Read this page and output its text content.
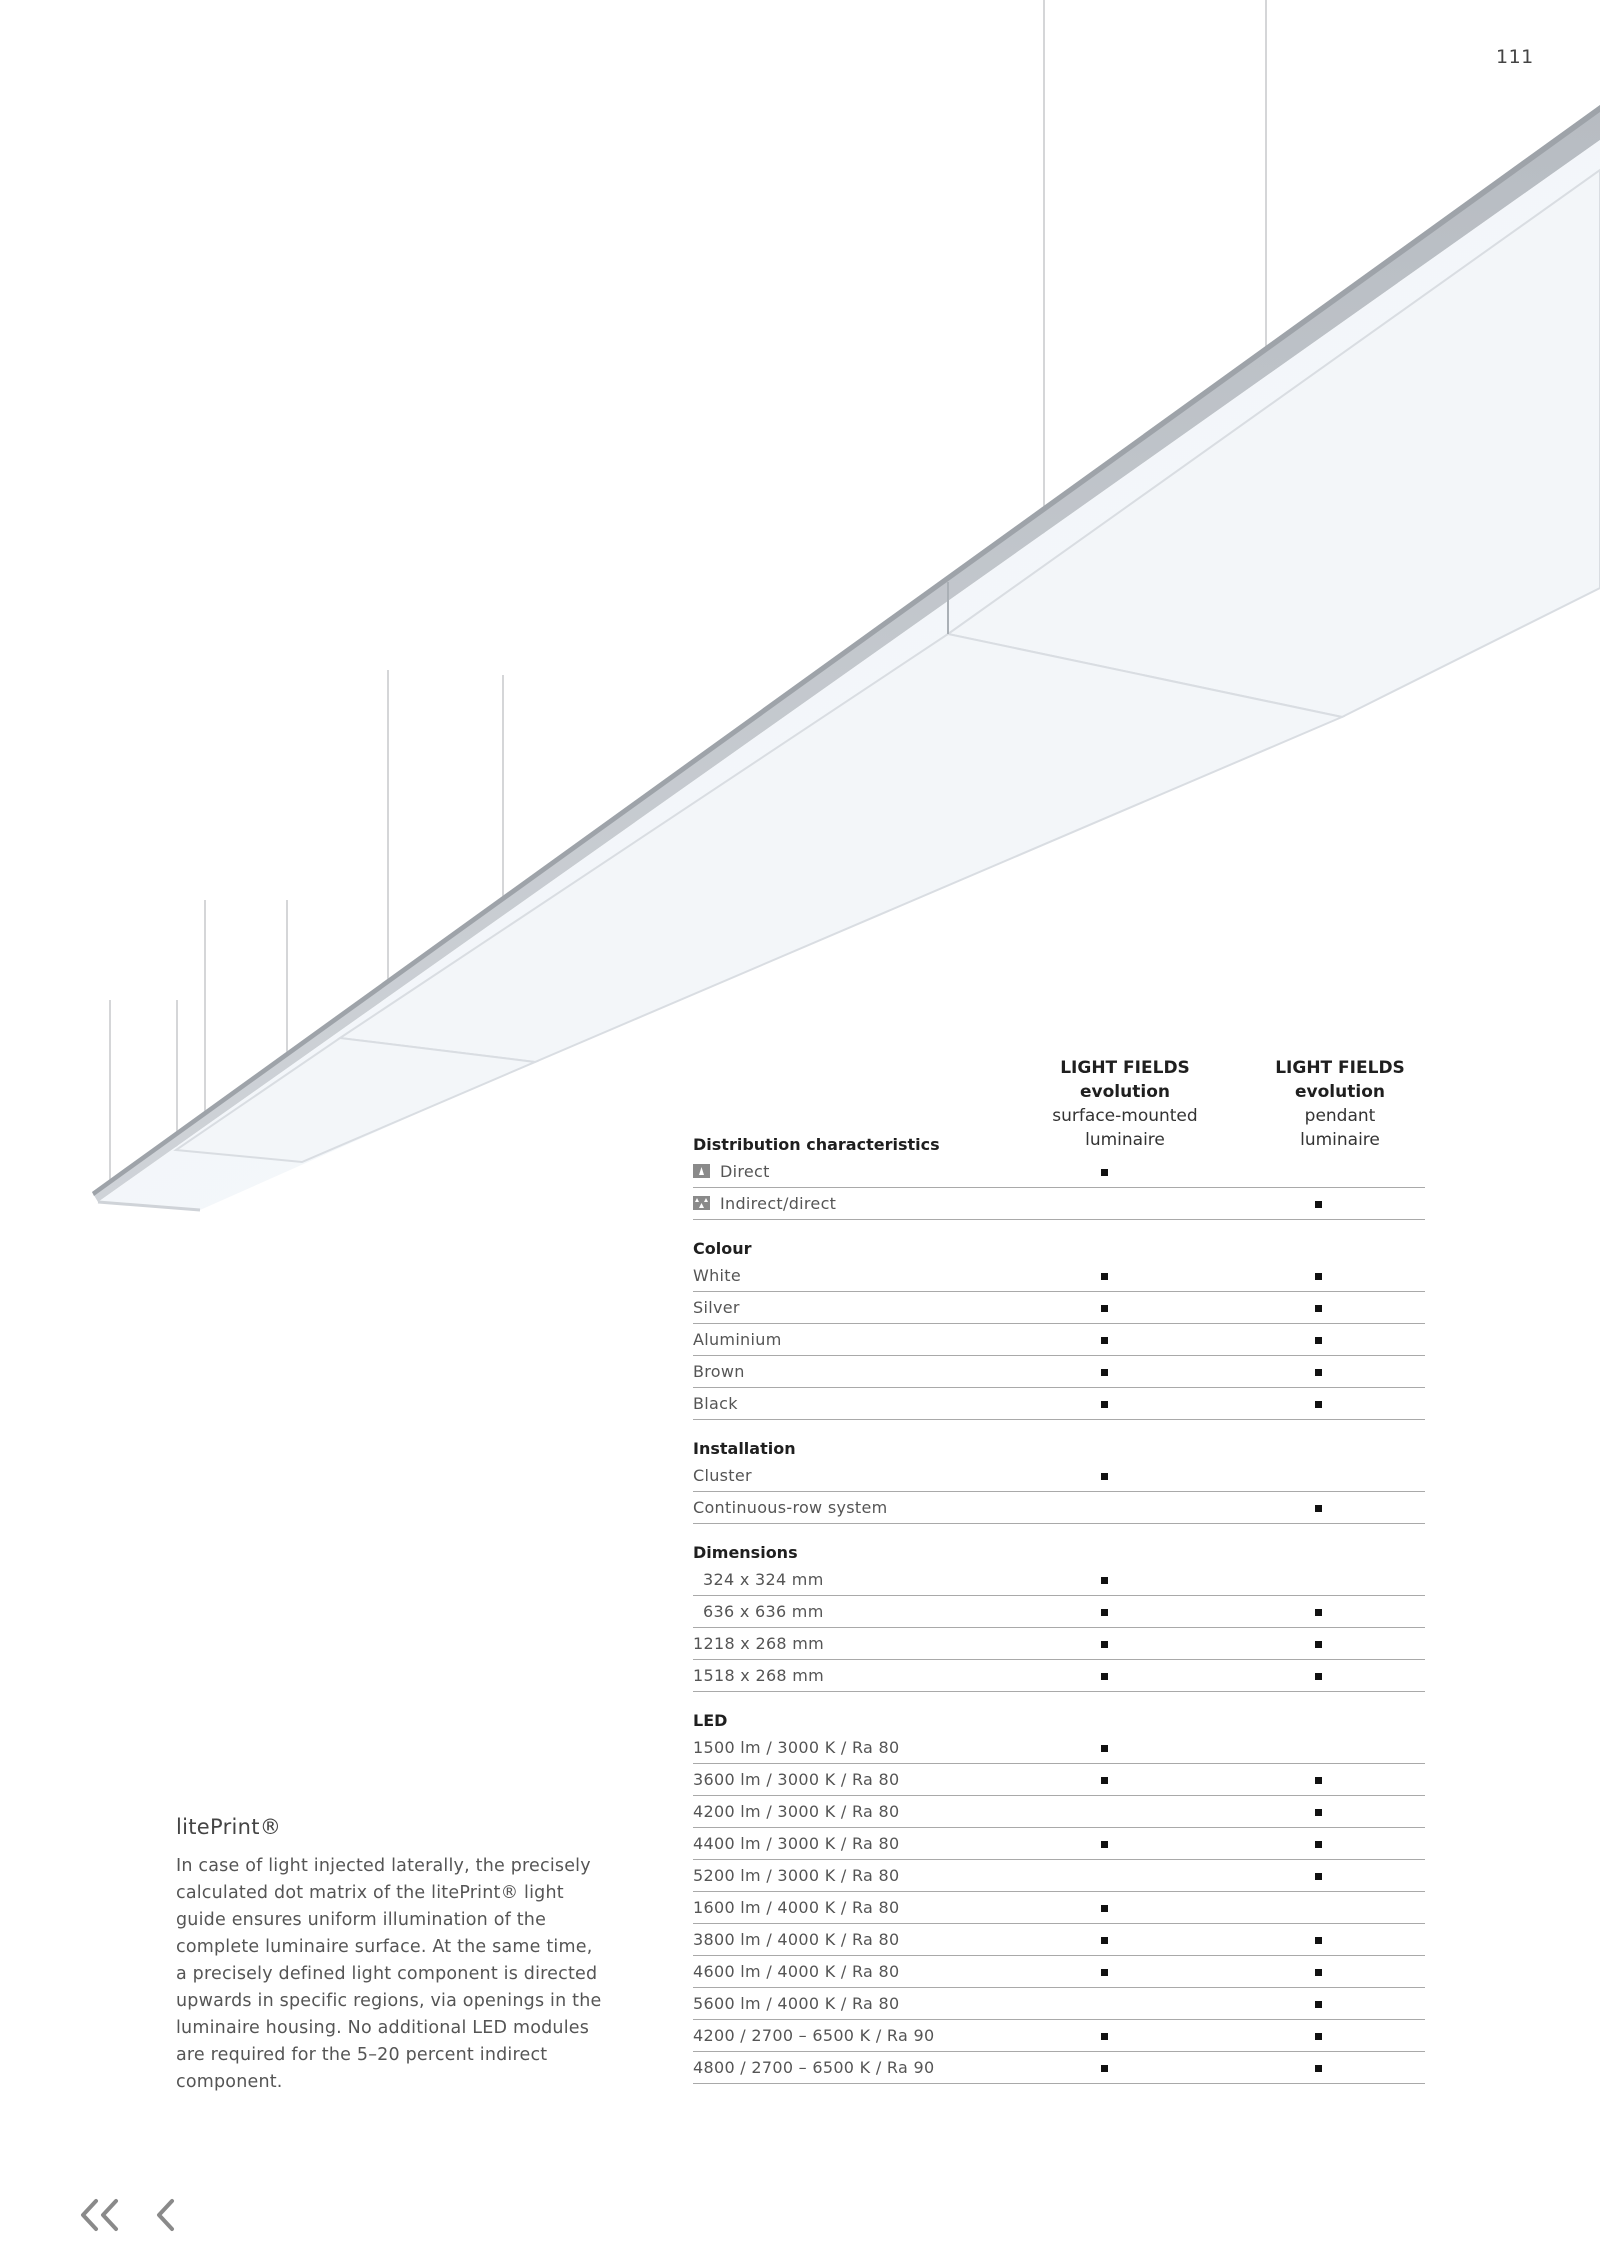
111
LIGHT FIELDS evolution
surface-mounted
luminaire
LIGHT FIELDS evolution
pendant
luminaire
Distribution characteristics
Direct
Indirect/direct
Colour
White
Silver
Aluminium
Brown
Black
Installation
Cluster
Continuous-row system
Dimensions
324 x 324 mm
636 x 636 mm
1218 x 268 mm
1518 x 268 mm
LED
1500 lm / 3000 K / Ra 80
3600 lm / 3000 K / Ra 80
4200 lm / 3000 K / Ra 80
4400 lm / 3000 K / Ra 80
5200 lm / 3000 K / Ra 80
1600 lm / 4000 K / Ra 80
3800 lm / 4000 K / Ra 80
4600 lm / 4000 K / Ra 80
5600 lm / 4000 K / Ra 80
4200 / 2700 – 6500 K / Ra 90
4800 / 2700 – 6500 K / Ra 90
litePrint®
In case of light injected laterally, the precisely calculated dot matrix of the litePrint® light guide ensures uniform illumination of the complete luminaire surface. At the same time, a precisely defined light component is directed upwards in specific regions, via openings in the luminaire housing. No additional LED modules are required for the 5–20 percent indirect component.
